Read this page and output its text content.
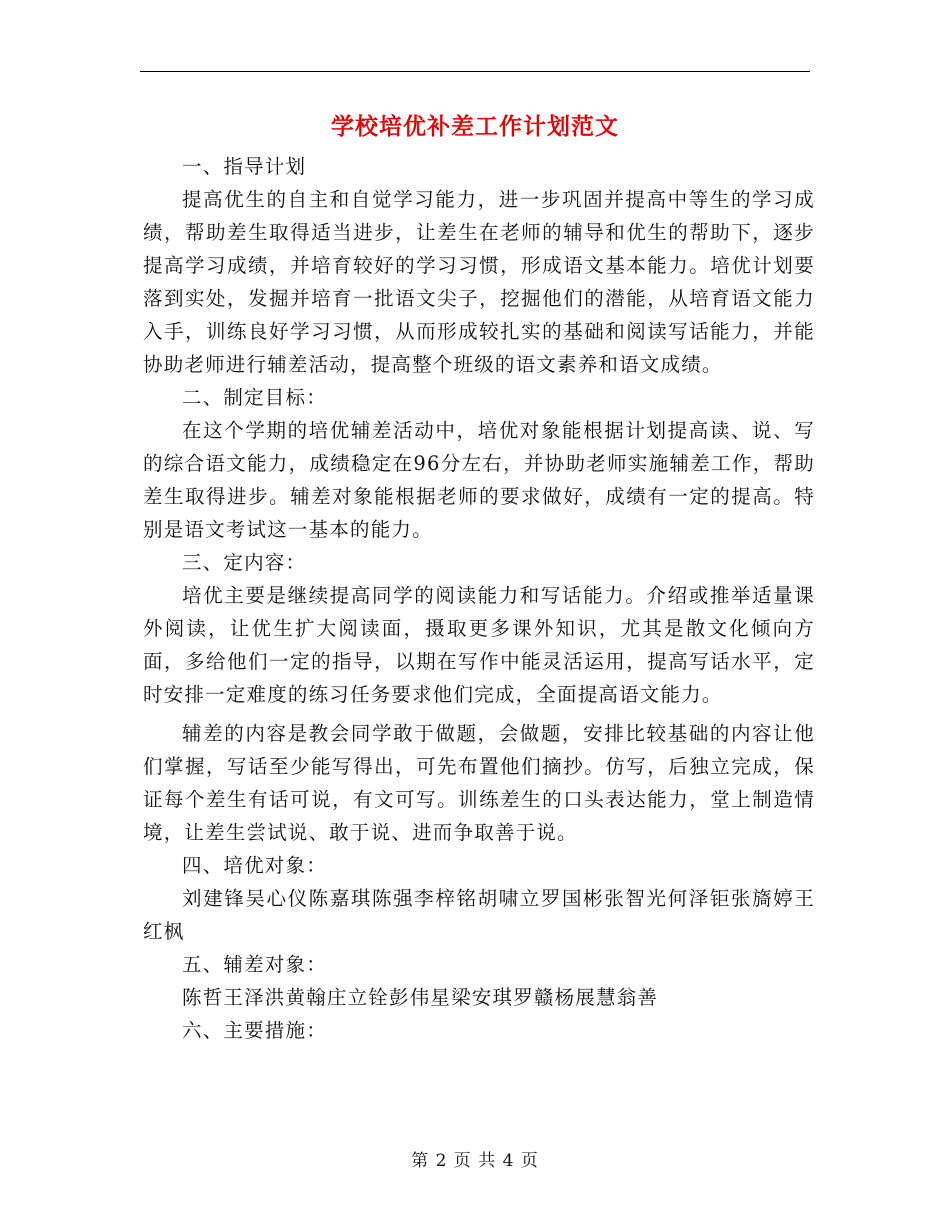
学校培优补差工作计划范文

一、指导计划

提高优生的自主和自觉学习能力，进一步巩固并提高中等生的学习成绩，帮助差生取得适当进步，让差生在老师的辅导和优生的帮助下，逐步提高学习成绩，并培育较好的学习习惯，形成语文基本能力。培优计划要落到实处，发掘并培育一批语文尖子，挖掘他们的潜能，从培育语文能力入手，训练良好学习习惯，从而形成较扎实的基础和阅读写话能力，并能协助老师进行辅差活动，提高整个班级的语文素养和语文成绩。

二、制定目标：

在这个学期的培优辅差活动中，培优对象能根据计划提高读、说、写的综合语文能力，成绩稳定在96分左右，并协助老师实施辅差工作，帮助差生取得进步。辅差对象能根据老师的要求做好，成绩有一定的提高。特别是语文考试这一基本的能力。

三、定内容：

培优主要是继续提高同学的阅读能力和写话能力。介绍或推举适量课外阅读，让优生扩大阅读面，摄取更多课外知识，尤其是散文化倾向方面，多给他们一定的指导，以期在写作中能灵活运用，提高写话水平，定时安排一定难度的练习任务要求他们完成，全面提高语文能力。

辅差的内容是教会同学敢于做题，会做题，安排比较基础的内容让他们掌握，写话至少能写得出，可先布置他们摘抄。仿写，后独立完成，保证每个差生有话可说，有文可写。训练差生的口头表达能力，堂上制造情境，让差生尝试说、敢于说、进而争取善于说。

四、培优对象：

刘建锋吴心仪陈嘉琪陈强李梓铭胡啸立罗国彬张智光何泽钜张旖婷王红枫

五、辅差对象：

陈哲王泽洪黄翰庄立铨彭伟星梁安琪罗赣杨展慧翁善

六、主要措施：

第 2 页 共 4 页
